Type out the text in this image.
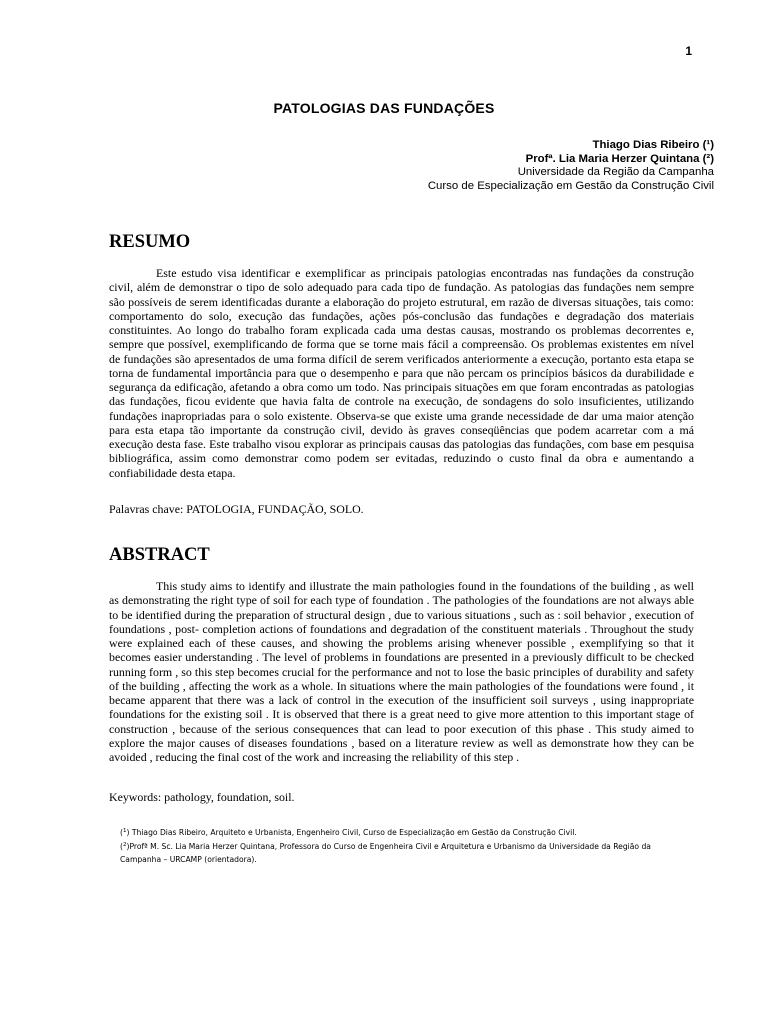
1
PATOLOGIAS DAS FUNDAÇÕES
Thiago Dias Ribeiro (¹)
Profª. Lia Maria Herzer Quintana (²)
Universidade da Região da Campanha
Curso de Especialização em Gestão da Construção Civil
RESUMO

Este estudo visa identificar e exemplificar as principais patologias encontradas nas fundações da construção civil, além de demonstrar o tipo de solo adequado para cada tipo de fundação. As patologias das fundações nem sempre são possíveis de serem identificadas durante a elaboração do projeto estrutural, em razão de diversas situações, tais como: comportamento do solo, execução das fundações, ações pós-conclusão das fundações e degradação dos materiais constituintes. Ao longo do trabalho foram explicada cada uma destas causas, mostrando os problemas decorrentes e, sempre que possível, exemplificando de forma que se torne mais fácil a compreensão. Os problemas existentes em nível de fundações são apresentados de uma forma difícil de serem verificados anteriormente a execução, portanto esta etapa se torna de fundamental importância para que o desempenho e para que não percam os princípios básicos da durabilidade e segurança da edificação, afetando a obra como um todo. Nas principais situações em que foram encontradas as patologias das fundações, ficou evidente que havia falta de controle na execução, de sondagens do solo insuficientes, utilizando fundações inapropriadas para o solo existente. Observa-se que existe uma grande necessidade de dar uma maior atenção para esta etapa tão importante da construção civil, devido às graves conseqüências que podem acarretar com a má execução desta fase. Este trabalho visou explorar as principais causas das patologias das fundações, com base em pesquisa bibliográfica, assim como demonstrar como podem ser evitadas, reduzindo o custo final da obra e aumentando a confiabilidade desta etapa.

Palavras chave: PATOLOGIA, FUNDAÇÃO, SOLO.

ABSTRACT

This study aims to identify and illustrate the main pathologies found in the foundations of the building , as well as demonstrating the right type of soil for each type of foundation . The pathologies of the foundations are not always able to be identified during the preparation of structural design , due to various situations , such as : soil behavior , execution of foundations , post- completion actions of foundations and degradation of the constituent materials . Throughout the study were explained each of these causes, and showing the problems arising whenever possible , exemplifying so that it becomes easier understanding . The level of problems in foundations are presented in a previously difficult to be checked running form , so this step becomes crucial for the performance and not to lose the basic principles of durability and safety of the building , affecting the work as a whole. In situations where the main pathologies of the foundations were found , it became apparent that there was a lack of control in the execution of the insufficient soil surveys , using inappropriate foundations for the existing soil . It is observed that there is a great need to give more attention to this important stage of construction , because of the serious consequences that can lead to poor execution of this phase . This study aimed to explore the major causes of diseases foundations , based on a literature review as well as demonstrate how they can be avoided , reducing the final cost of the work and increasing the reliability of this step .

Keywords: pathology, foundation, soil.

($^1$) Thiago Dias Ribeiro, Arquiteto e Urbanista, Engenheiro Civil, Curso de Especialização em Gestão da Construção Civil.

($^2$)Profª M. Sc. Lia Maria Herzer Quintana, Professora do Curso de Engenheira Civil e Arquitetura e Urbanismo da Universidade da Região da Campanha – URCAMP (orientadora).
